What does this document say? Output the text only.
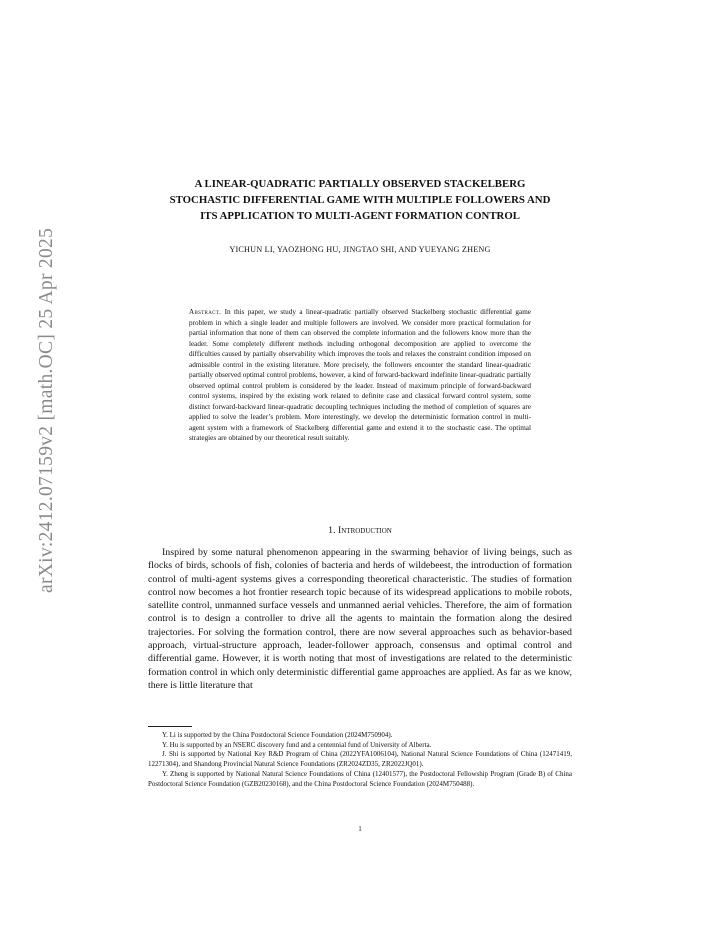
arXiv:2412.07159v2 [math.OC] 25 Apr 2025
A LINEAR-QUADRATIC PARTIALLY OBSERVED STACKELBERG
STOCHASTIC DIFFERENTIAL GAME WITH MULTIPLE FOLLOWERS AND
ITS APPLICATION TO MULTI-AGENT FORMATION CONTROL
YICHUN LI, YAOZHONG HU, JINGTAO SHI, AND YUEYANG ZHENG
Abstract. In this paper, we study a linear-quadratic partially observed Stackelberg stochastic differential game problem in which a single leader and multiple followers are involved. We consider more practical formulation for partial information that none of them can observed the complete information and the followers know more than the leader. Some completely different methods including orthogonal decomposition are applied to overcome the difficulties caused by partially observability which improves the tools and relaxes the constraint condition imposed on admissible control in the existing literature. More precisely, the followers encounter the standard linear-quadratic partially observed optimal control problems, however, a kind of forward-backward indefinite linear-quadratic partially observed optimal control problem is considered by the leader. Instead of maximum principle of forward-backward control systems, inspired by the existing work related to definite case and classical forward control system, some distinct forward-backward linear-quadratic decoupling techniques including the method of completion of squares are applied to solve the leader’s problem. More interestingly, we develop the deterministic formation control in multi-agent system with a framework of Stackelberg differential game and extend it to the stochastic case. The optimal strategies are obtained by our theoretical result suitably.
1. Introduction
Inspired by some natural phenomenon appearing in the swarming behavior of living beings, such as flocks of birds, schools of fish, colonies of bacteria and herds of wildebeest, the introduction of formation control of multi-agent systems gives a corresponding theoretical characteristic. The studies of formation control now becomes a hot frontier research topic because of its widespread applications to mobile robots, satellite control, unmanned surface vessels and unmanned aerial vehicles. Therefore, the aim of formation control is to design a controller to drive all the agents to maintain the formation along the desired trajectories. For solving the formation control, there are now several approaches such as behavior-based approach, virtual-structure approach, leader-follower approach, consensus and optimal control and differential game. However, it is worth noting that most of investigations are related to the deterministic formation control in which only deterministic differential game approaches are applied. As far as we know, there is little literature that

Y. Li is supported by the China Postdoctoral Science Foundation (2024M750904).

Y. Hu is supported by an NSERC discovery fund and a centennial fund of University of Alberta.

J. Shi is supported by National Key R&D Program of China (2022YFA1006104), National Natural Science Foundations of China (12471419, 12271304), and Shandong Provincial Natural Science Foundations (ZR2024ZD35, ZR2022JQ01).

Y. Zheng is supported by National Natural Science Foundations of China (12401577), the Postdoctoral Fellowship Program (Grade B) of China Postdoctoral Science Foundation (GZB20230168), and the China Postdoctoral Science Foundation (2024M750488).

1
